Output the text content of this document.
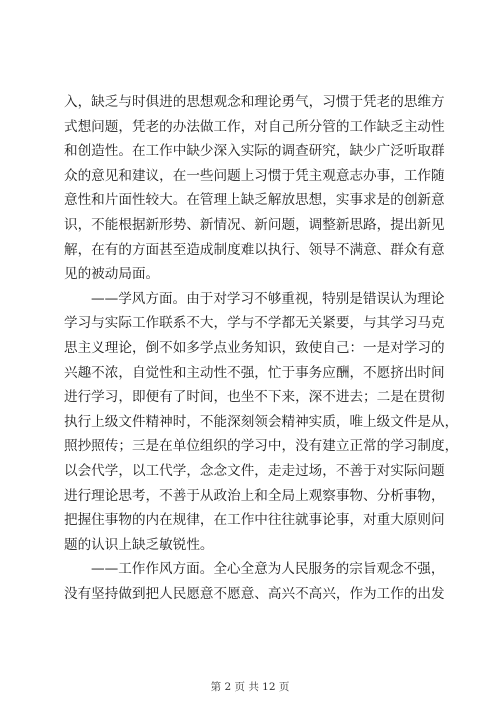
入，缺乏与时俱进的思想观念和理论勇气，习惯于凭老的思维方
式想问题，凭老的办法做工作，对自己所分管的工作缺乏主动性
和创造性。在工作中缺少深入实际的调查研究，缺少广泛听取群
众的意见和建议，在一些问题上习惯于凭主观意志办事，工作随
意性和片面性较大。在管理上缺乏解放思想，实事求是的创新意
识，不能根据新形势、新情况、新问题，调整新思路，提出新见
解，在有的方面甚至造成制度难以执行、领导不满意、群众有意
见的被动局面。
——学风方面。由于对学习不够重视，特别是错误认为理论
学习与实际工作联系不大，学与不学都无关紧要，与其学习马克
思主义理论，倒不如多学点业务知识，致使自己：一是对学习的
兴趣不浓，自觉性和主动性不强，忙于事务应酬，不愿挤出时间
进行学习，即便有了时间，也坐不下来，深不进去；二是在贯彻
执行上级文件精神时，不能深刻领会精神实质，唯上级文件是从，
照抄照传；三是在单位组织的学习中，没有建立正常的学习制度，
以会代学，以工代学，念念文件，走走过场，不善于对实际问题
进行理论思考，不善于从政治上和全局上观察事物、分析事物，
把握住事物的内在规律，在工作中往往就事论事，对重大原则问
题的认识上缺乏敏锐性。
——工作作风方面。全心全意为人民服务的宗旨观念不强，
没有坚持做到把人民愿意不愿意、高兴不高兴，作为工作的出发
第 2 页 共 12 页
